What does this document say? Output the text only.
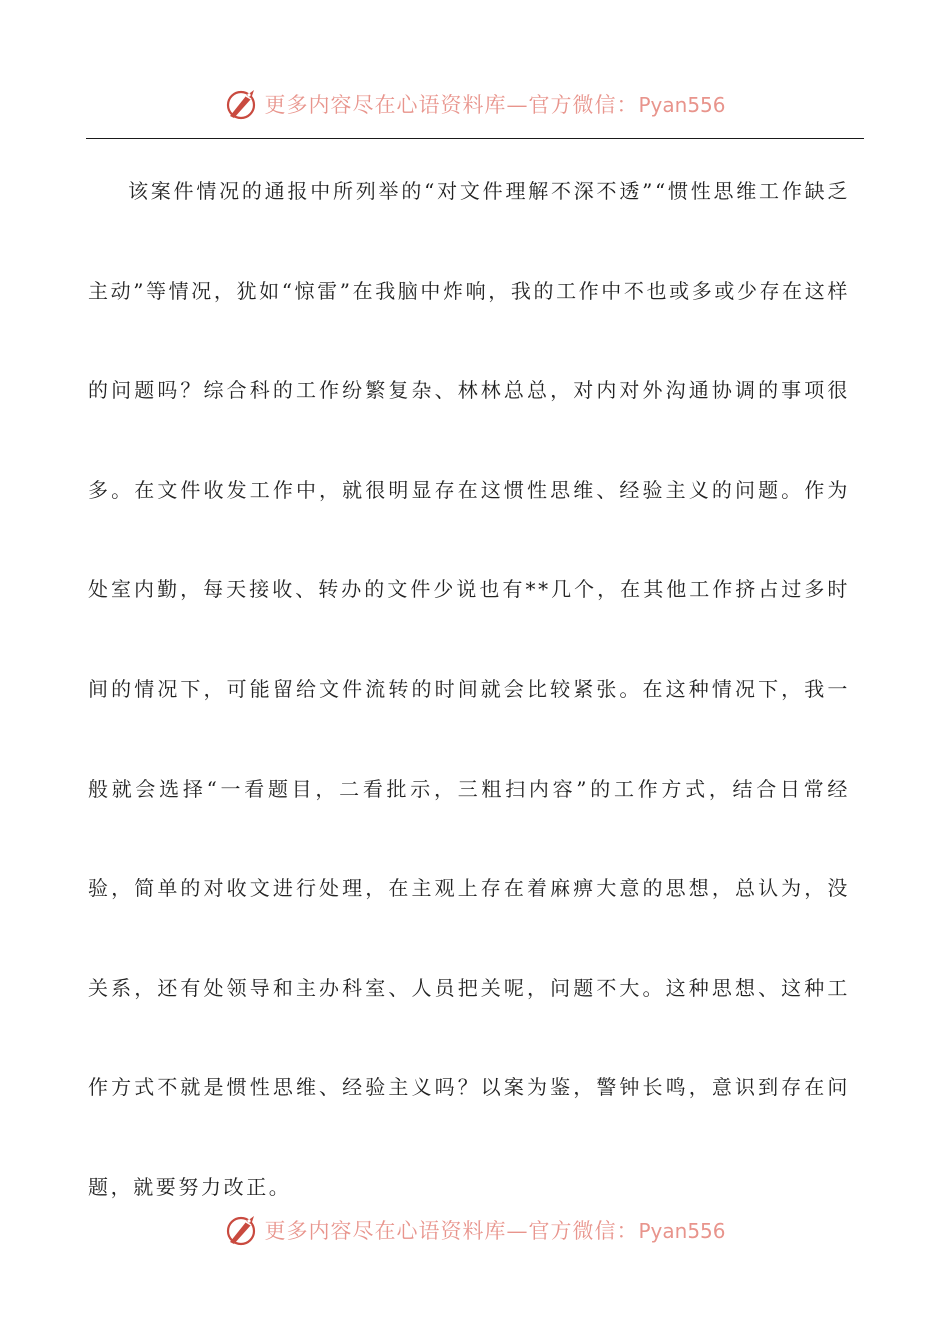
更多内容尽在心语资料库—官方微信：Pyan556

该案件情况的通报中所列举的“对文件理解不深不透”“惯性思维工作缺乏主动”等情况，犹如“惊雷”在我脑中炸响，我的工作中不也或多或少存在这样的问题吗？综合科的工作纷繁复杂、林林总总，对内对外沟通协调的事项很多。在文件收发工作中，就很明显存在这惯性思维、经验主义的问题。作为处室内勤，每天接收、转办的文件少说也有**几个，在其他工作挤占过多时间的情况下，可能留给文件流转的时间就会比较紧张。在这种情况下，我一般就会选择“一看题目，二看批示，三粗扫内容”的工作方式，结合日常经验，简单的对收文进行处理，在主观上存在着麻痹大意的思想，总认为，没关系，还有处领导和主办科室、人员把关呢，问题不大。这种思想、这种工作方式不就是惯性思维、经验主义吗？以案为鉴，警钟长鸣，意识到存在问题，就要努力改正。

更多内容尽在心语资料库—官方微信：Pyan556
